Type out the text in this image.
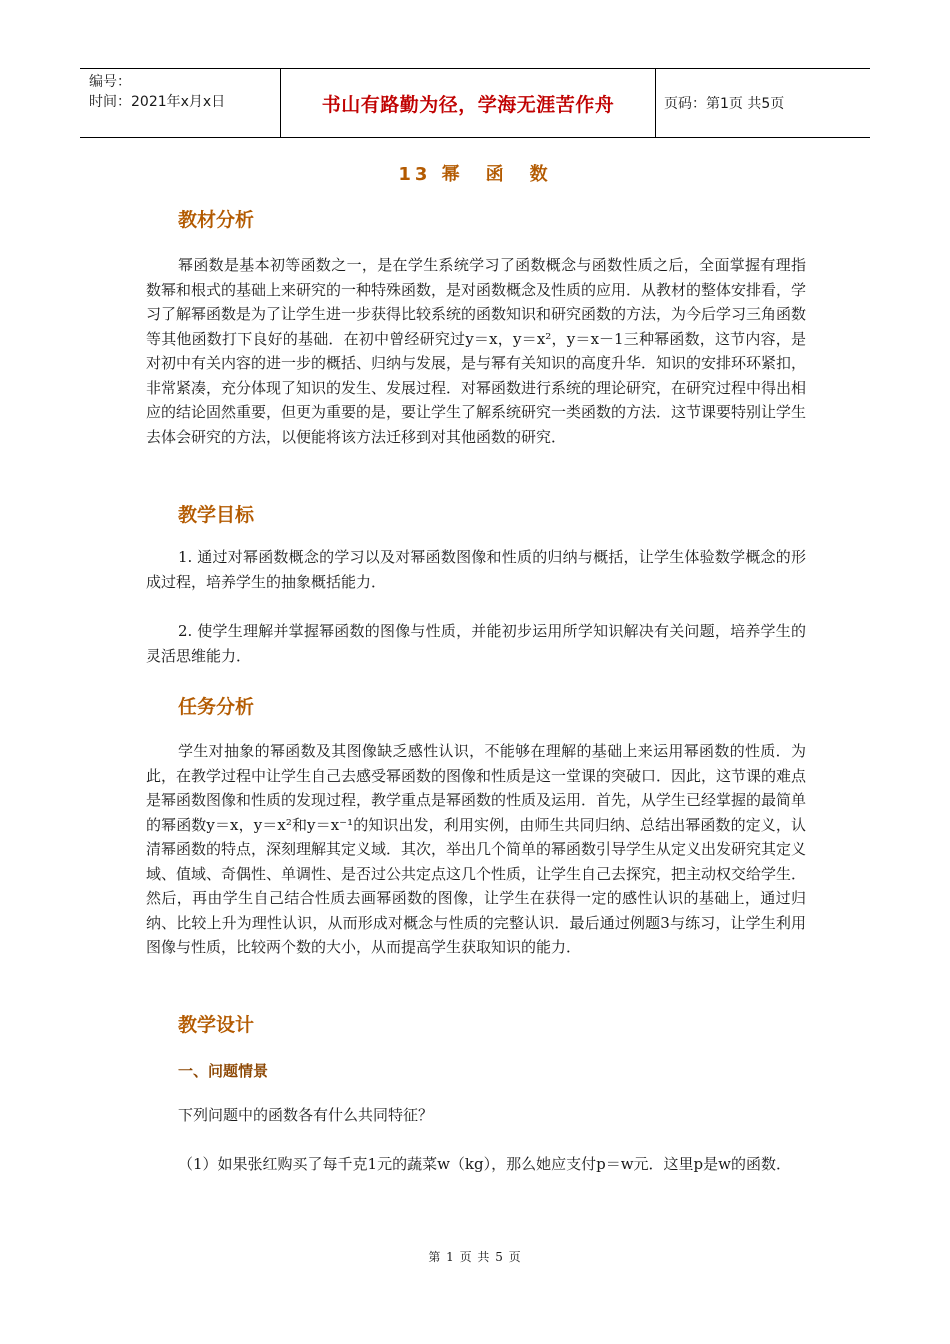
编号：
时间：2021年x月x日	书山有路勤为径，学海无涯苦作舟	页码：第1页 共5页
13 幂　函　数
教材分析
幂函数是基本初等函数之一，是在学生系统学习了函数概念与函数性质之后，全面掌握有理指数幂和根式的基础上来研究的一种特殊函数，是对函数概念及性质的应用．从教材的整体安排看，学习了解幂函数是为了让学生进一步获得比较系统的函数知识和研究函数的方法，为今后学习三角函数等其他函数打下良好的基础．在初中曾经研究过y＝x，y＝x²，y＝x－1三种幂函数，这节内容，是对初中有关内容的进一步的概括、归纳与发展，是与幂有关知识的高度升华．知识的安排环环紧扣，非常紧凑，充分体现了知识的发生、发展过程．对幂函数进行系统的理论研究，在研究过程中得出相应的结论固然重要，但更为重要的是，要让学生了解系统研究一类函数的方法．这节课要特别让学生去体会研究的方法，以便能将该方法迁移到对其他函数的研究．
教学目标
1. 通过对幂函数概念的学习以及对幂函数图像和性质的归纳与概括，让学生体验数学概念的形成过程，培养学生的抽象概括能力．
2. 使学生理解并掌握幂函数的图像与性质，并能初步运用所学知识解决有关问题，培养学生的灵活思维能力．
任务分析
学生对抽象的幂函数及其图像缺乏感性认识，不能够在理解的基础上来运用幂函数的性质．为此，在教学过程中让学生自己去感受幂函数的图像和性质是这一堂课的突破口．因此，这节课的难点是幂函数图像和性质的发现过程，教学重点是幂函数的性质及运用．首先，从学生已经掌握的最简单的幂函数y＝x，y＝x²和y＝x⁻¹的知识出发，利用实例，由师生共同归纳、总结出幂函数的定义，认清幂函数的特点，深刻理解其定义域．其次，举出几个简单的幂函数引导学生从定义出发研究其定义域、值域、奇偶性、单调性、是否过公共定点这几个性质，让学生自己去探究，把主动权交给学生．然后，再由学生自己结合性质去画幂函数的图像，让学生在获得一定的感性认识的基础上，通过归纳、比较上升为理性认识，从而形成对概念与性质的完整认识．最后通过例题3与练习，让学生利用图像与性质，比较两个数的大小，从而提高学生获取知识的能力．
教学设计
一、问题情景
下列问题中的函数各有什么共同特征？
（1）如果张红购买了每千克1元的蔬菜w（kg），那么她应支付p＝w元．这里p是w的函数．
第 1 页 共 5 页
